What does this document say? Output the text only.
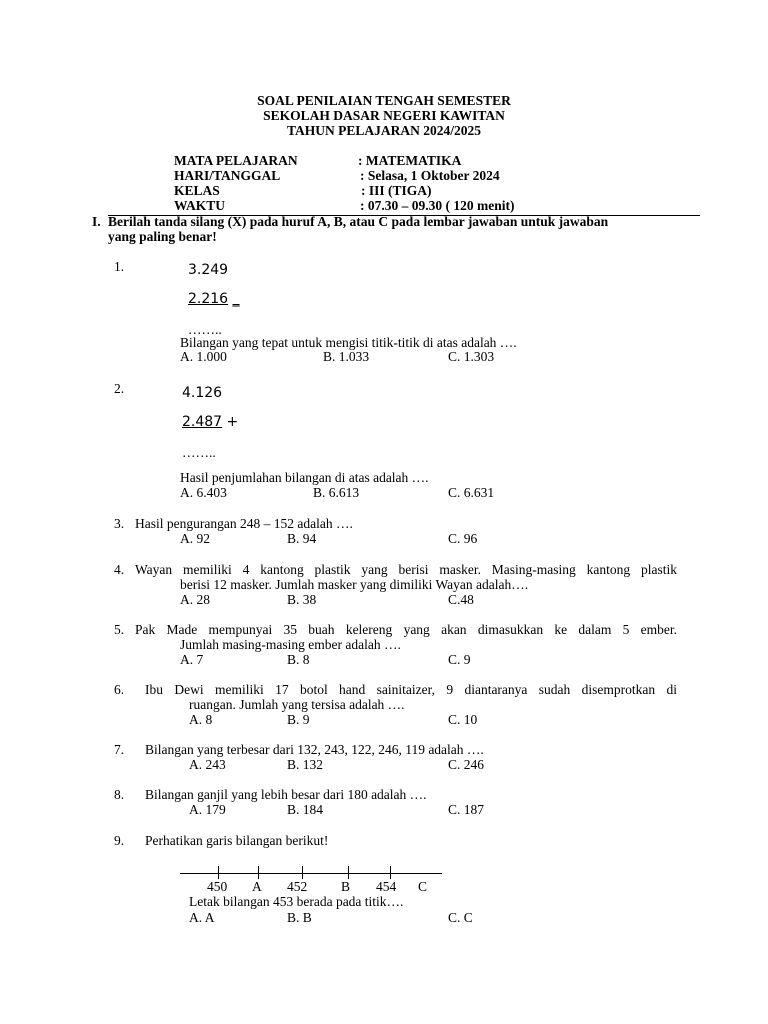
SOAL PENILAIAN TENGAH SEMESTER
SEKOLAH DASAR NEGERI KAWITAN
TAHUN PELAJARAN 2024/2025
MATA PELAJARAN	: MATEMATIKA
HARI/TANGGAL	: Selasa, 1 Oktober 2024
KELAS	: III (TIGA)
WAKTU	: 07.30 – 09.30 ( 120 menit)
I. Berilah tanda silang (X) pada huruf A, B, atau C pada lembar jawaban untuk jawaban
yang paling benar!
1.	3.249
2.216 _
……..
Bilangan yang tepat untuk mengisi titik-titik di atas adalah ….
A. 1.000	B. 1.033	C. 1.303
2.	4.126
2.487 +
……..
Hasil penjumlahan bilangan di atas adalah ….
A. 6.403	B. 6.613	C. 6.631
3. Hasil pengurangan 248 – 152 adalah ….
A. 92	B. 94	C. 96
4. Wayan memiliki 4 kantong plastik yang berisi masker. Masing-masing kantong plastik
berisi 12 masker. Jumlah masker yang dimiliki Wayan adalah….
A. 28	B. 38	C.48
5. Pak Made mempunyai 35 buah kelereng yang akan dimasukkan ke dalam 5 ember.
Jumlah masing-masing ember adalah ….
A. 7	B. 8	C. 9
6. Ibu Dewi memiliki 17 botol hand sainitaizer, 9 diantaranya sudah disemprotkan di
ruangan. Jumlah yang tersisa adalah ….
A. 8	B. 9	C. 10
7. Bilangan yang terbesar dari 132, 243, 122, 246, 119 adalah ….
A. 243	B. 132	C. 246
8. Bilangan ganjil yang lebih besar dari 180 adalah ….
A. 179	B. 184	C. 187
9. Perhatikan garis bilangan berikut!
450 A 452	B 454 C
Letak bilangan 453 berada pada titik….
A. A	B. B	C. C
